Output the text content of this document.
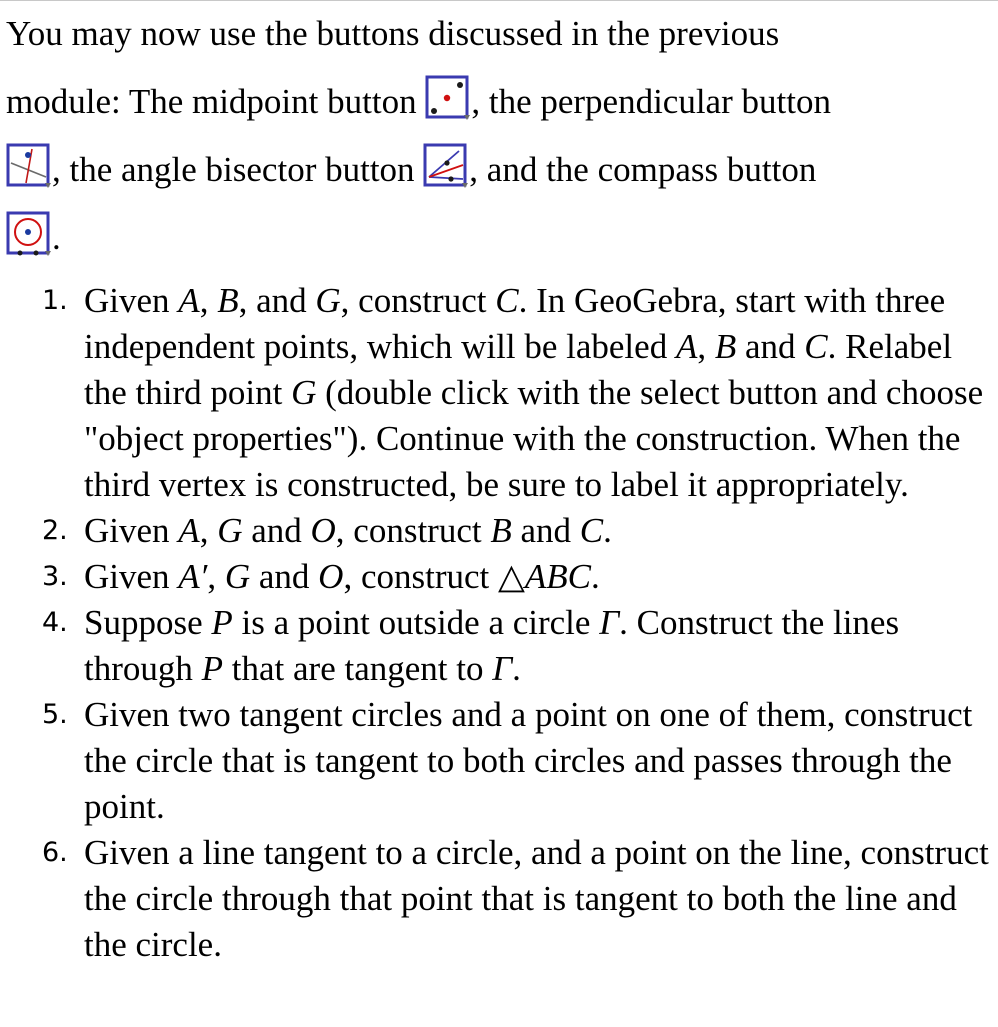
You may now use the buttons discussed in the previous
module: The midpoint button
, the perpendicular button
, the angle bisector button
, and the compass button
.
1. Given A, B, and G, construct C. In GeoGebra, start with three independent points, which will be labeled A, B and C. Relabel the third point G (double click with the select button and choose "object properties"). Continue with the construction. When the third vertex is constructed, be sure to label it appropriately.
2. Given A, G and O, construct B and C.
3. Given A′, G and O, construct △ABC.
4. Suppose P is a point outside a circle Γ. Construct the lines through P that are tangent to Γ.
5. Given two tangent circles and a point on one of them, construct the circle that is tangent to both circles and passes through the point.
6. Given a line tangent to a circle, and a point on the line, construct the circle through that point that is tangent to both the line and the circle.
